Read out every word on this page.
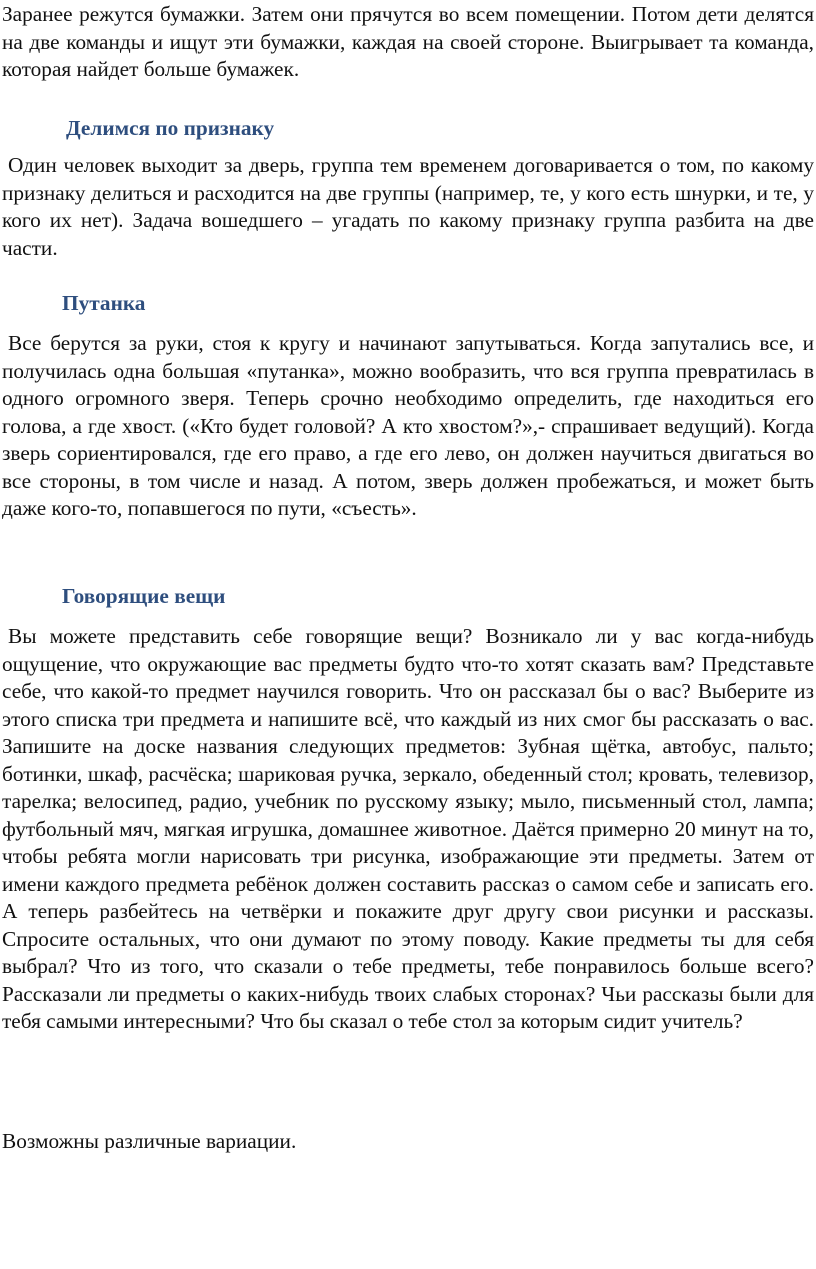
Заранее режутся бумажки. Затем они прячутся во всем помещении. Потом дети делятся на две команды и ищут эти бумажки, каждая на своей стороне. Выигрывает та команда, которая найдет больше бумажек.

Делимся по признаку

Один человек выходит за дверь, группа тем временем договаривается о том, по какому признаку делиться и расходится на две группы (например, те, у кого есть шнурки, и те, у кого их нет). Задача вошедшего – угадать по какому признаку группа разбита на две части.

Путанка

Все берутся за руки, стоя к кругу и начинают запутываться. Когда запутались все, и получилась одна большая «путанка», можно вообразить, что вся группа превратилась в одного огромного зверя. Теперь срочно необходимо определить, где находиться его голова, а где хвост. («Кто будет головой? А кто хвостом?»,- спрашивает ведущий). Когда зверь сориентировался, где его право, а где его лево, он должен научиться двигаться во все стороны, в том числе и назад. А потом, зверь должен пробежаться, и может быть даже кого-то, попавшегося по пути, «съесть».

Говорящие вещи

Вы можете представить себе говорящие вещи? Возникало ли у вас когда-нибудь ощущение, что окружающие вас предметы будто что-то хотят сказать вам? Представьте себе, что какой-то предмет научился говорить. Что он рассказал бы о вас? Выберите из этого списка три предмета и напишите всё, что каждый из них смог бы рассказать о вас. Запишите на доске названия следующих предметов: Зубная щётка, автобус, пальто; ботинки, шкаф, расчёска; шариковая ручка, зеркало, обеденный стол; кровать, телевизор, тарелка; велосипед, радио, учебник по русскому языку; мыло, письменный стол, лампа; футбольный мяч, мягкая игрушка, домашнее животное. Даётся примерно 20 минут на то, чтобы ребята могли нарисовать три рисунка, изображающие эти предметы. Затем от имени каждого предмета ребёнок должен составить рассказ о самом себе и записать его. А теперь разбейтесь на четвёрки и покажите друг другу свои рисунки и рассказы. Спросите остальных, что они думают по этому поводу. Какие предметы ты для себя выбрал? Что из того, что сказали о тебе предметы, тебе понравилось больше всего? Рассказали ли предметы о каких-нибудь твоих слабых сторонах? Чьи рассказы были для тебя самыми интересными? Что бы сказал о тебе стол за которым сидит учитель?

Возможны различные вариации.
